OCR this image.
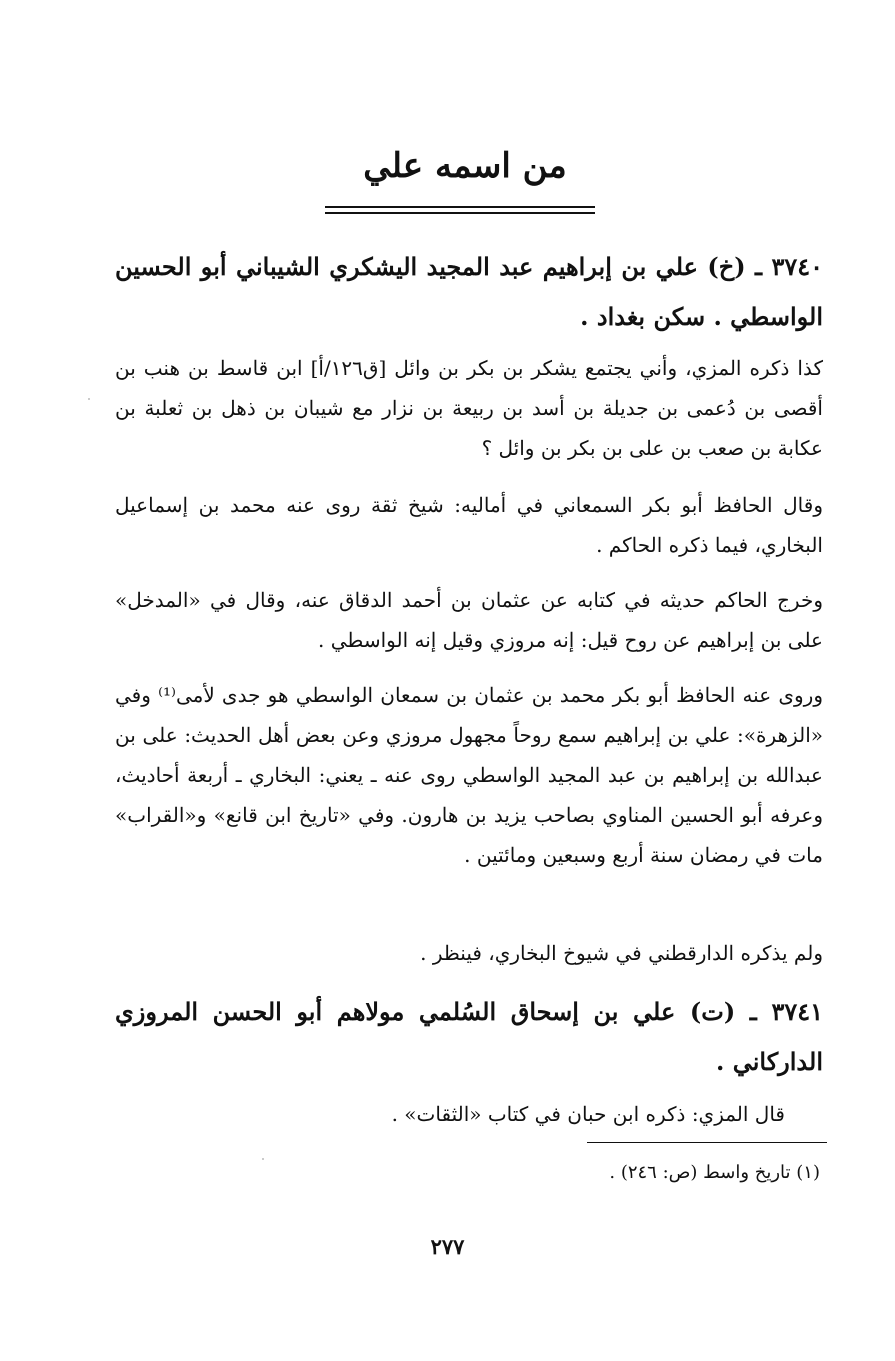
من اسمه علي
٣٧٤٠ ـ (خ) علي بن إبراهيم عبد المجيد اليشكري الشيباني أبو الحسين الواسطي . سكن بغداد .
كذا ذكره المزي، وأني يجتمع يشكر بن بكر بن وائل [ق١٢٦/أ] ابن قاسط بن هنب بن أقصى بن دُعمى بن جديلة بن أسد بن ربيعة بن نزار مع شيبان بن ذهل بن ثعلبة بن عكابة بن صعب بن على بن بكر بن وائل ؟
وقال الحافظ أبو بكر السمعاني في أماليه: شيخ ثقة روى عنه محمد بن إسماعيل البخاري، فيما ذكره الحاكم .
وخرج الحاكم حديثه في كتابه عن عثمان بن أحمد الدقاق عنه، وقال في «المدخل» على بن إبراهيم عن روح قيل: إنه مروزي وقيل إنه الواسطي .
وروى عنه الحافظ أبو بكر محمد بن عثمان بن سمعان الواسطي هو جدى لأمى⁽¹⁾ وفي «الزهرة»: علي بن إبراهيم سمع روحاً مجهول مروزي وعن بعض أهل الحديث: على بن عبدالله بن إبراهيم بن عبد المجيد الواسطي روى عنه ـ يعني: البخاري ـ أربعة أحاديث، وعرفه أبو الحسين المناوي بصاحب يزيد بن هارون. وفي «تاريخ ابن قانع» و«القراب» مات في رمضان سنة أربع وسبعين ومائتين .
ولم يذكره الدارقطني في شيوخ البخاري، فينظر .
٣٧٤١ ـ (ت) علي بن إسحاق السُلمي مولاهم أبو الحسن المروزي الداركاني .
قال المزي: ذكره ابن حبان في كتاب «الثقات» .
(١) تاريخ واسط (ص: ٢٤٦) .
٢٧٧
